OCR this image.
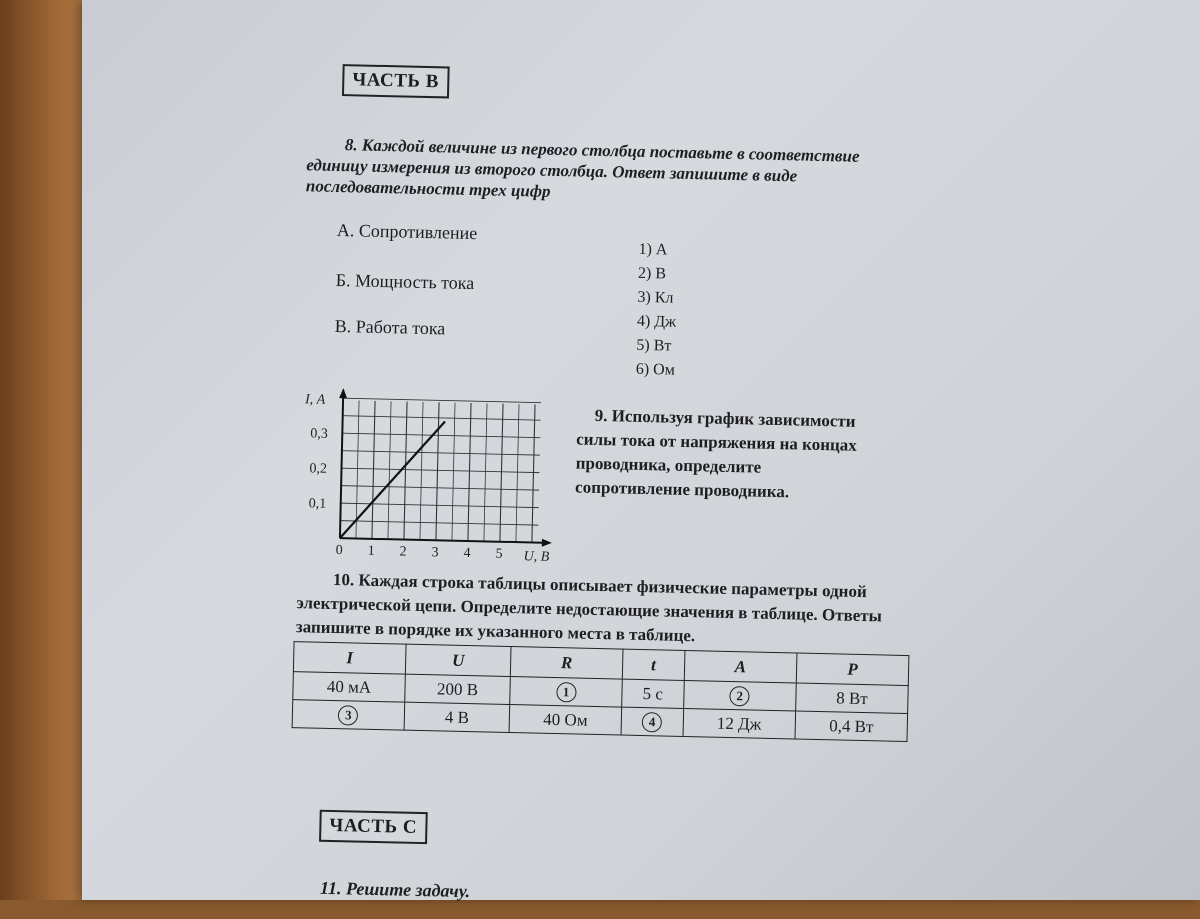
ЧАСТЬ В
8. Каждой величине из первого столбца поставьте в соответствие единицу измерения из второго столбца. Ответ запишите в виде последовательности трех цифр
А. Сопротивление
Б. Мощность тока
В. Работа тока
1) А
2) В
3) Кл
4) Дж
5) Вт
6) Ом
0 1 2 3 4 5
0,1
0,2
0,3
I, А
U, В
9. Используя график зависимости силы тока от напряжения на концах проводника, определите сопротивление проводника.
10. Каждая строка таблицы описывает физические параметры одной электрической цепи. Определите недостающие значения в таблице. Ответы запишите в порядке их указанного места в таблице.
I	U	R	t	A	P
40 мА	200 В	1	5 с	2	8 Вт
3	4 В	40 Ом	4	12 Дж	0,4 Вт
ЧАСТЬ С
11. Решите задачу.
